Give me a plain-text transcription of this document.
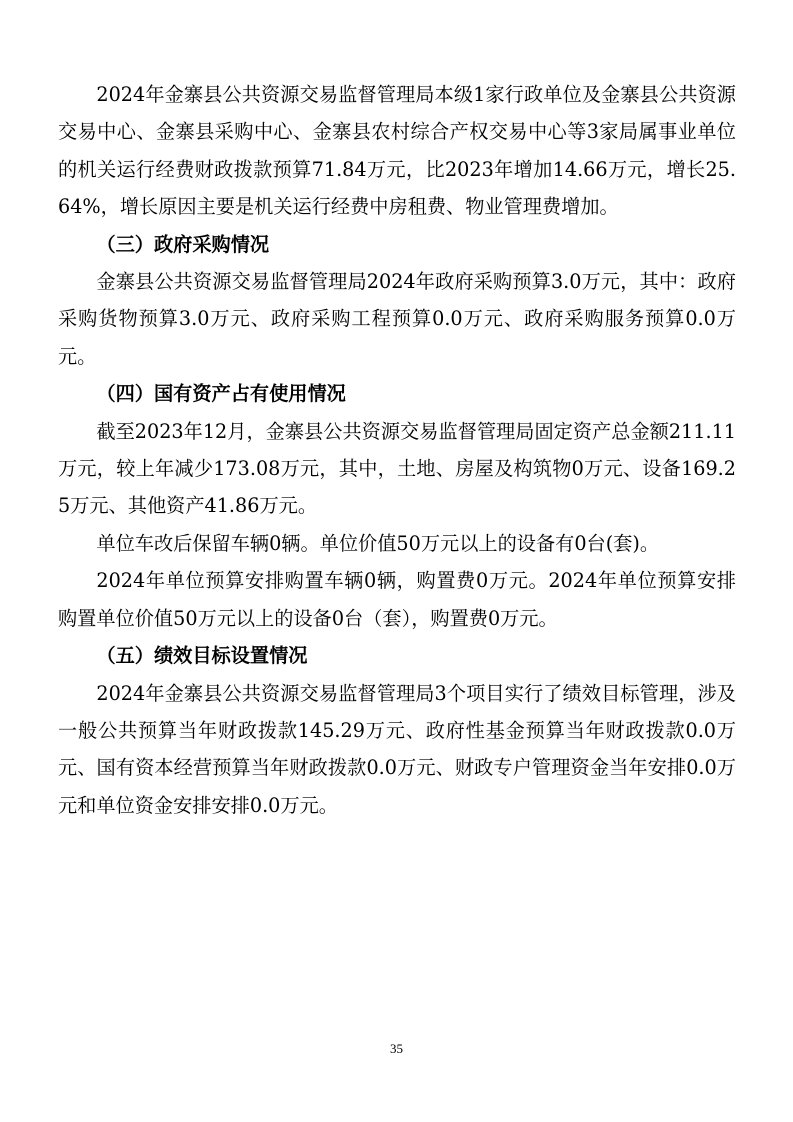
2024年金寨县公共资源交易监督管理局本级1家行政单位及金寨县公共资源交易中心、金寨县采购中心、金寨县农村综合产权交易中心等3家局属事业单位的机关运行经费财政拨款预算71.84万元，比2023年增加14.66万元，增长25.64%，增长原因主要是机关运行经费中房租费、物业管理费增加。

（三）政府采购情况

金寨县公共资源交易监督管理局2024年政府采购预算3.0万元，其中：政府采购货物预算3.0万元、政府采购工程预算0.0万元、政府采购服务预算0.0万元。

（四）国有资产占有使用情况

截至2023年12月，金寨县公共资源交易监督管理局固定资产总金额211.11万元，较上年减少173.08万元，其中，土地、房屋及构筑物0万元、设备169.25万元、其他资产41.86万元。

单位车改后保留车辆0辆。单位价值50万元以上的设备有0台(套)。

2024年单位预算安排购置车辆0辆，购置费0万元。2024年单位预算安排购置单位价值50万元以上的设备0台（套），购置费0万元。

（五）绩效目标设置情况

2024年金寨县公共资源交易监督管理局3个项目实行了绩效目标管理，涉及一般公共预算当年财政拨款145.29万元、政府性基金预算当年财政拨款0.0万元、国有资本经营预算当年财政拨款0.0万元、财政专户管理资金当年安排0.0万元和单位资金安排安排0.0万元。

35
